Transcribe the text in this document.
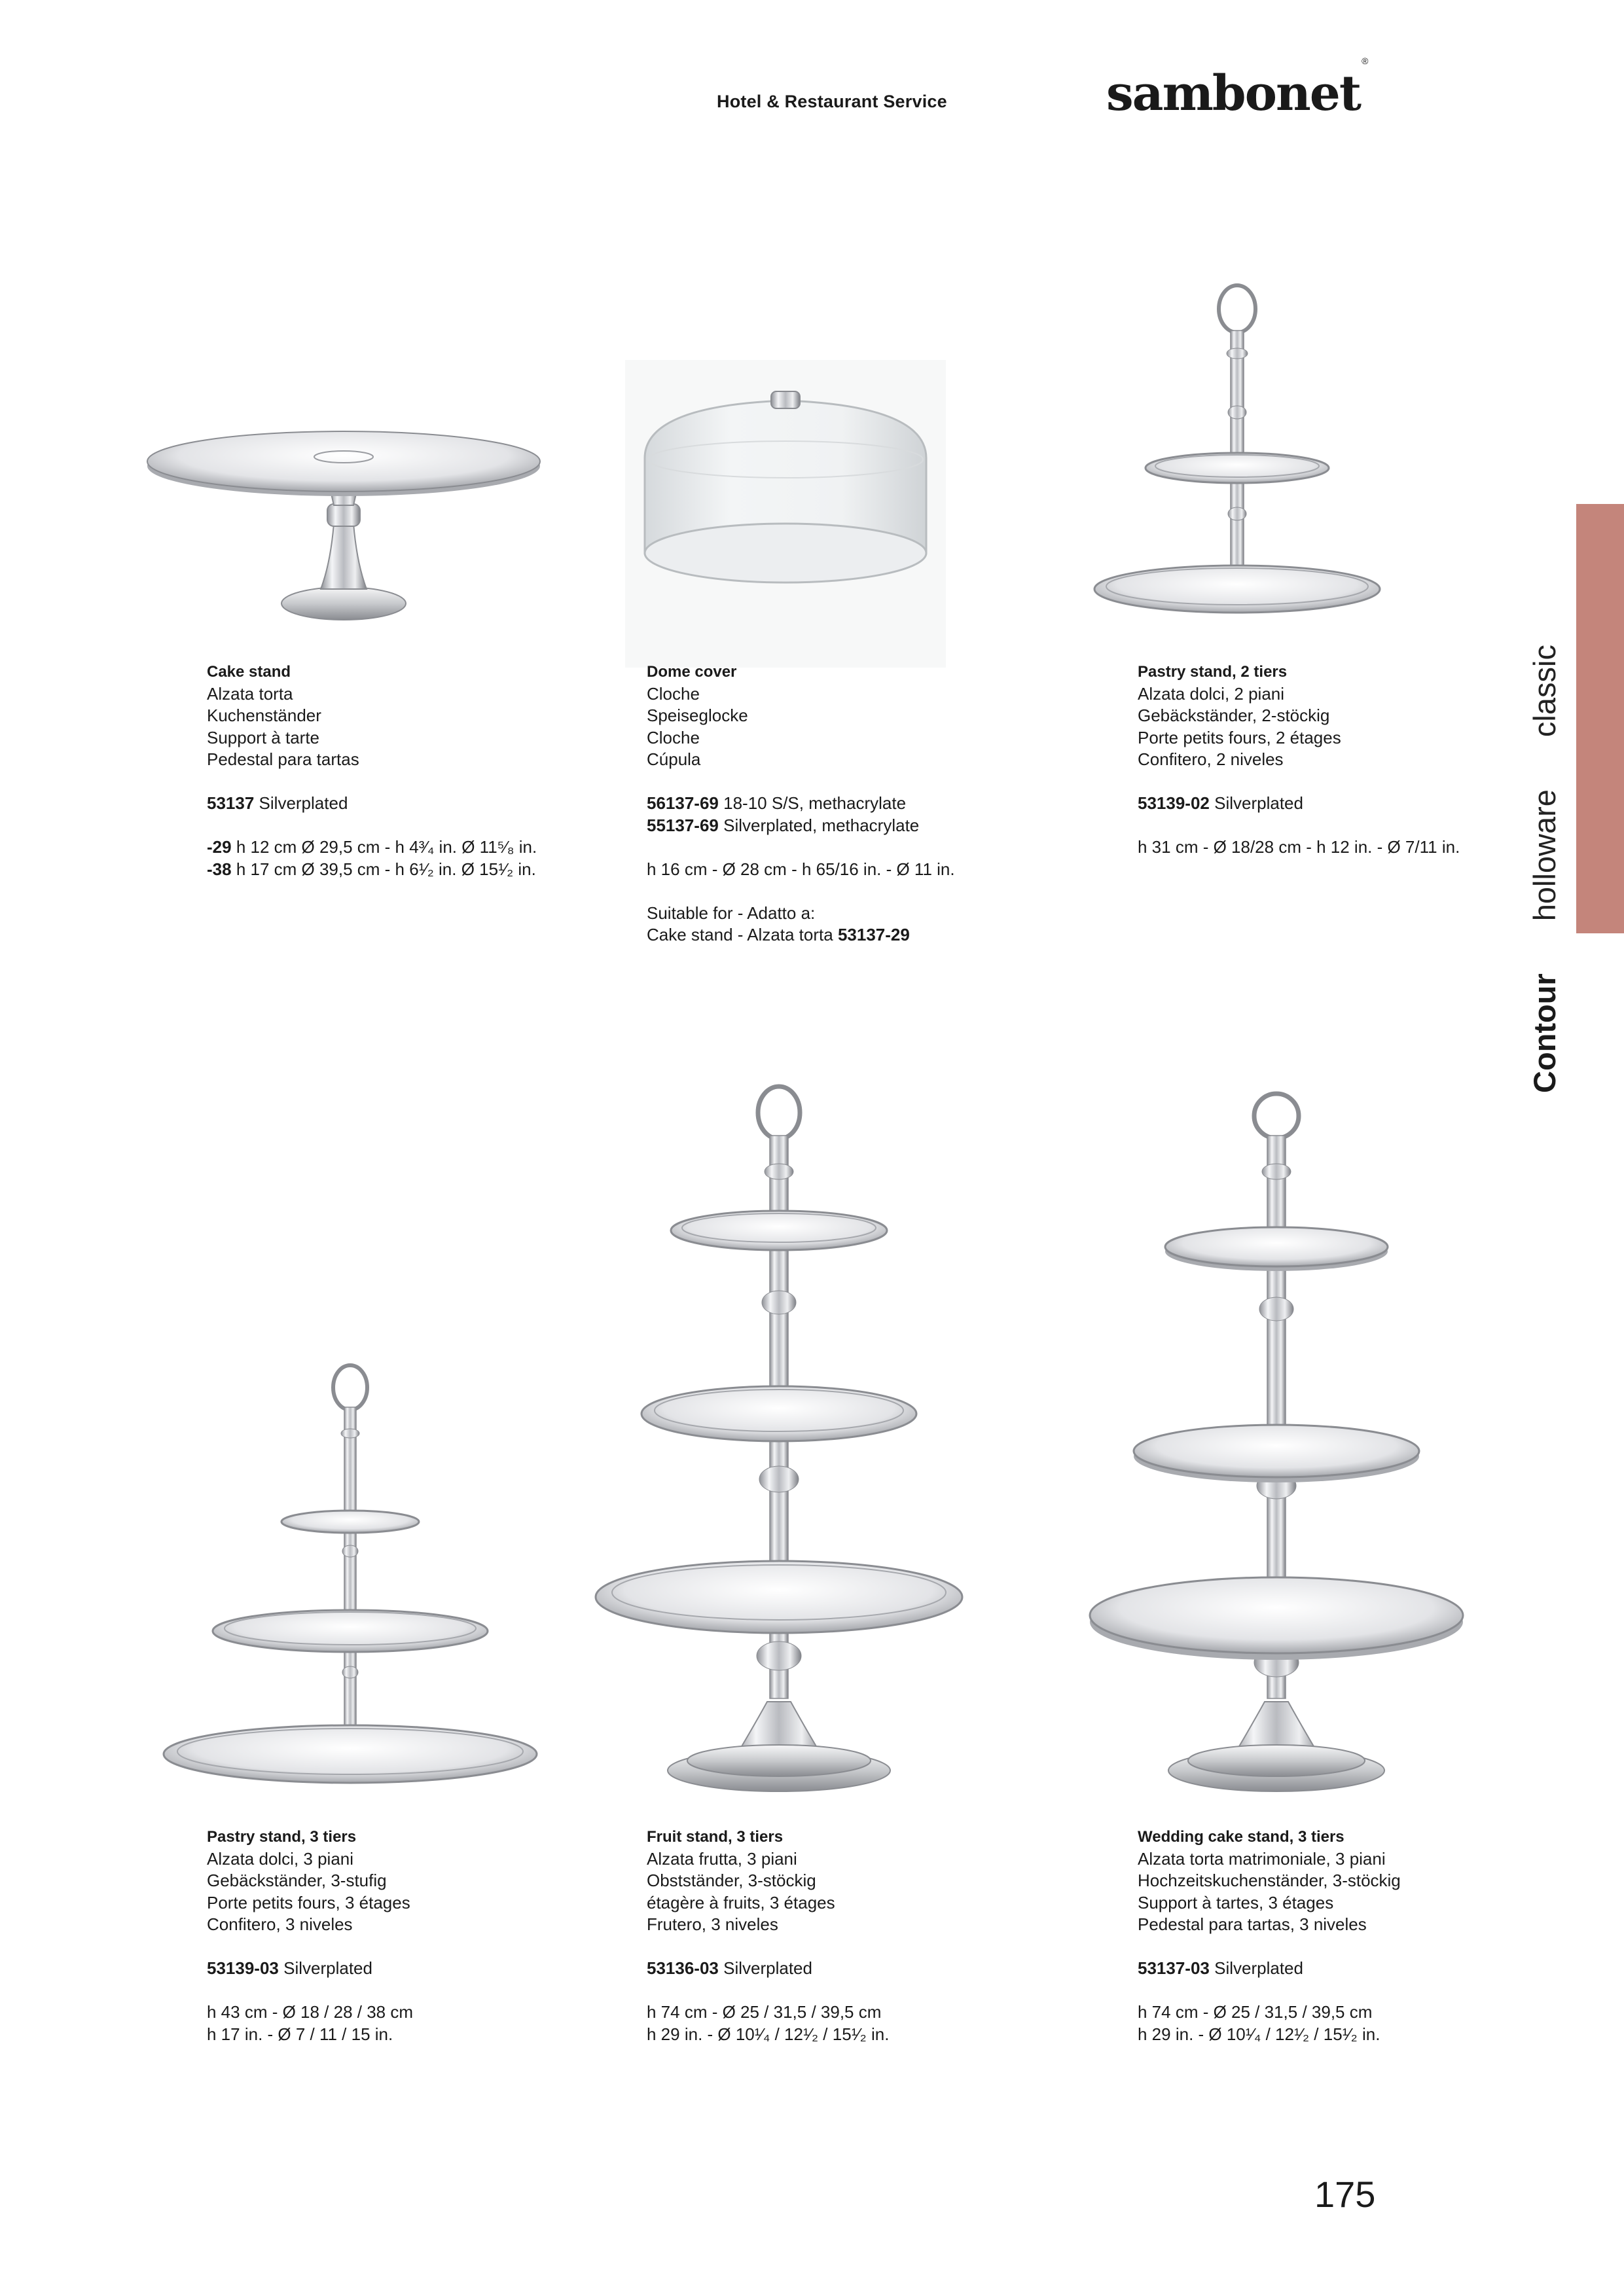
Hotel & Restaurant Service	sambonet®
Contourhollowareclassic
Cake stand
Alzata torta
Kuchenständer
Support à tarte
Pedestal para tartas
53137 Silverplated
-29 h 12 cm Ø 29,5 cm - h 4³⁄₄ in. Ø 11⁵⁄₈ in.
-38 h 17 cm Ø 39,5 cm - h 6¹⁄₂ in. Ø 15¹⁄₂ in.
Dome cover
Cloche
Speiseglocke
Cloche
Cúpula
56137-69 18-10 S/S, methacrylate
55137-69 Silverplated, methacrylate
h 16 cm - Ø 28 cm - h 65/16 in. - Ø 11 in.
Suitable for - Adatto a:
Cake stand - Alzata torta 53137-29
Pastry stand, 2 tiers
Alzata dolci, 2 piani
Gebäckständer, 2-stöckig
Porte petits fours, 2 étages
Confitero, 2 niveles
53139-02 Silverplated
h 31 cm - Ø 18/28 cm - h 12 in. - Ø 7/11 in.
Pastry stand, 3 tiers
Alzata dolci, 3 piani
Gebäckständer, 3-stufig
Porte petits fours, 3 étages
Confitero, 3 niveles
53139-03 Silverplated
h 43 cm - Ø 18 / 28 / 38 cm
h 17 in. - Ø 7 / 11 / 15 in.
Fruit stand, 3 tiers
Alzata frutta, 3 piani
Obstständer, 3-stöckig
étagère à fruits, 3 étages
Frutero, 3 niveles
53136-03 Silverplated
h 74 cm - Ø 25 / 31,5 / 39,5 cm
h 29 in. - Ø 10¹⁄₄ / 12¹⁄₂ / 15¹⁄₂ in.
Wedding cake stand, 3 tiers
Alzata torta matrimoniale, 3 piani
Hochzeitskuchenständer, 3-stöckig
Support à tartes, 3 étages
Pedestal para tartas, 3 niveles
53137-03 Silverplated
h 74 cm - Ø 25 / 31,5 / 39,5 cm
h 29 in. - Ø 10¹⁄₄ / 12¹⁄₂ / 15¹⁄₂ in.
175
